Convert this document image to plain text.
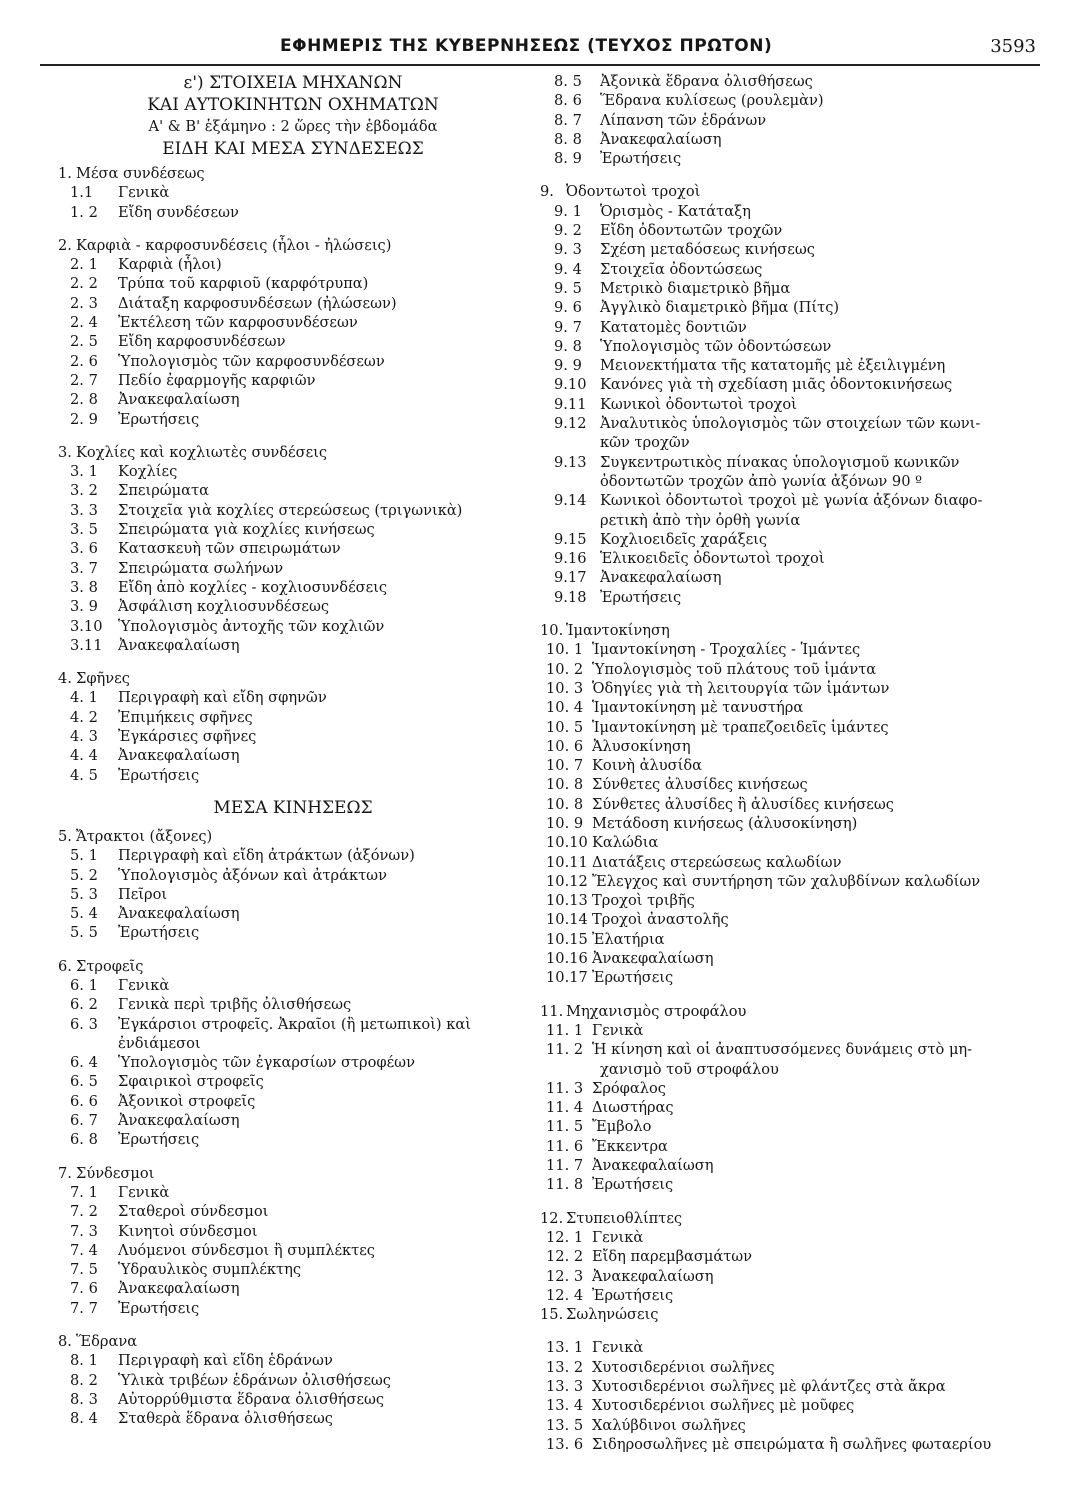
ΕΦΗΜΕΡΙΣ ΤΗΣ ΚΥΒΕΡΝΗΣΕΩΣ (ΤΕΥΧΟΣ ΠΡΩΤΟΝ)	3593
ε') ΣΤΟΙΧΕΙΑ ΜΗΧΑΝΩΝ
ΚΑΙ ΑΥΤΟΚΙΝΗΤΩΝ ΟΧΗΜΑΤΩΝ
Α' & Β' ἑξάμηνο : 2 ὥρες τὴν ἑβδομάδα
ΕΙΔΗ ΚΑΙ ΜΕΣΑ ΣΥΝΔΕΣΕΩΣ
1. Μέσα συνδέσεως
1.1 Γενικὰ
1. 2 Εἴδη συνδέσεων
2. Καρφιὰ - καρφοσυνδέσεις (ἧλοι - ἠλώσεις)
2. 1 Καρφιὰ (ἧλοι)
2. 2 Τρύπα τοῦ καρφιοῦ (καρφότρυπα)
2. 3 Διάταξη καρφοσυνδέσεων (ἠλώσεων)
2. 4 Ἐκτέλεση τῶν καρφοσυνδέσεων
2. 5 Εἴδη καρφοσυνδέσεων
2. 6 Ὑπολογισμὸς τῶν καρφοσυνδέσεων
2. 7 Πεδίο ἐφαρμογῆς καρφιῶν
2. 8 Ἀνακεφαλαίωση
2. 9 Ἐρωτήσεις
3. Κοχλίες καὶ κοχλιωτὲς συνδέσεις
3. 1 Κοχλίες
3. 2 Σπειρώματα
3. 3 Στοιχεῖα γιὰ κοχλίες στερεώσεως (τριγωνικὰ)
3. 5 Σπειρώματα γιὰ κοχλίες κινήσεως
3. 6 Κατασκευὴ τῶν σπειρωμάτων
3. 7 Σπειρώματα σωλήνων
3. 8 Εἴδη ἀπὸ κοχλίες - κοχλιοσυνδέσεις
3. 9 Ἀσφάλιση κοχλιοσυνδέσεως
3.10 Ὑπολογισμὸς ἀντοχῆς τῶν κοχλιῶν
3.11 Ἀνακεφαλαίωση
4. Σφῆνες
4. 1 Περιγραφὴ καὶ εἴδη σφηνῶν
4. 2 Ἐπιμήκεις σφῆνες
4. 3 Ἐγκάρσιες σφῆνες
4. 4 Ἀνακεφαλαίωση
4. 5 Ἐρωτήσεις
ΜΕΣΑ ΚΙΝΗΣΕΩΣ
5. Ἄτρακτοι (ἄξονες)
5. 1 Περιγραφὴ καὶ εἴδη ἀτράκτων (ἀξόνων)
5. 2 Ὑπολογισμὸς ἀξόνων καὶ ἀτράκτων
5. 3 Πεῖροι
5. 4 Ἀνακεφαλαίωση
5. 5 Ἐρωτήσεις
6. Στροφεῖς
6. 1 Γενικὰ
6. 2 Γενικὰ περὶ τριβῆς ὀλισθήσεως
6. 3 Ἐγκάρσιοι στροφεῖς. Ἀκραῖοι (ἢ μετωπικοὶ) καὶ
ἐνδιάμεσοι
6. 4 Ὑπολογισμὸς τῶν ἐγκαρσίων στροφέων
6. 5 Σφαιρικοὶ στροφεῖς
6. 6 Ἀξονικοὶ στροφεῖς
6. 7 Ἀνακεφαλαίωση
6. 8 Ἐρωτήσεις
7. Σύνδεσμοι
7. 1 Γενικὰ
7. 2 Σταθεροὶ σύνδεσμοι
7. 3 Κινητοὶ σύνδεσμοι
7. 4 Λυόμενοι σύνδεσμοι ἢ συμπλέκτες
7. 5 Ὑδραυλικὸς συμπλέκτης
7. 6 Ἀνακεφαλαίωση
7. 7 Ἐρωτήσεις
8. Ἕδρανα
8. 1 Περιγραφὴ καὶ εἴδη ἑδράνων
8. 2 Ὑλικὰ τριβέων ἑδράνων ὀλισθήσεως
8. 3 Αὐτορρύθμιστα ἕδρανα ὀλισθήσεως
8. 4 Σταθερὰ ἕδρανα ὀλισθήσεως
8. 5 Ἀξονικὰ ἕδρανα ὀλισθήσεως
8. 6 Ἕδρανα κυλίσεως (ρουλεμὰν)
8. 7 Λίπανση τῶν ἑδράνων
8. 8 Ἀνακεφαλαίωση
8. 9 Ἐρωτήσεις
9. Ὀδοντωτοὶ τροχοὶ
9. 1 Ὁρισμὸς - Κατάταξη
9. 2 Εἴδη ὀδοντωτῶν τροχῶν
9. 3 Σχέση μεταδόσεως κινήσεως
9. 4 Στοιχεῖα ὀδοντώσεως
9. 5 Μετρικὸ διαμετρικὸ βῆμα
9. 6 Ἀγγλικὸ διαμετρικὸ βῆμα (Πίτς)
9. 7 Κατατομὲς δοντιῶν
9. 8 Ὑπολογισμὸς τῶν ὀδοντώσεων
9. 9 Μειονεκτήματα τῆς κατατομῆς μὲ ἐξειλιγμένη
9.10 Κανόνες γιὰ τὴ σχεδίαση μιᾶς ὀδοντοκινήσεως
9.11 Κωνικοὶ ὀδοντωτοὶ τροχοὶ
9.12 Ἀναλυτικὸς ὑπολογισμὸς τῶν στοιχείων τῶν κωνι-
κῶν τροχῶν
9.13 Συγκεντρωτικὸς πίνακας ὑπολογισμοῦ κωνικῶν
ὀδοντωτῶν τροχῶν ἀπὸ γωνία ἀξόνων 90 º
9.14 Κωνικοὶ ὀδοντωτοὶ τροχοὶ μὲ γωνία ἀξόνων διαφο-
ρετικὴ ἀπὸ τὴν ὀρθὴ γωνία
9.15 Κοχλιοειδεῖς χαράξεις
9.16 Ἑλικοειδεῖς ὀδοντωτοὶ τροχοὶ
9.17 Ἀνακεφαλαίωση
9.18 Ἐρωτήσεις
10. Ἱμαντοκίνηση
10. 1 Ἱμαντοκίνηση - Τροχαλίες - Ἱμάντες
10. 2 Ὑπολογισμὸς τοῦ πλάτους τοῦ ἱμάντα
10. 3 Ὁδηγίες γιὰ τὴ λειτουργία τῶν ἱμάντων
10. 4 Ἱμαντοκίνηση μὲ τανυστήρα
10. 5 Ἱμαντοκίνηση μὲ τραπεζοειδεῖς ἱμάντες
10. 6 Ἀλυσοκίνηση
10. 7 Κοινὴ ἀλυσίδα
10. 8 Σύνθετες ἀλυσίδες κινήσεως
10. 8 Σύνθετες ἀλυσίδες ἢ ἀλυσίδες κινήσεως
10. 9 Μετάδοση κινήσεως (ἀλυσοκίνηση)
10.10 Καλώδια
10.11 Διατάξεις στερεώσεως καλωδίων
10.12 Ἔλεγχος καὶ συντήρηση τῶν χαλυβδίνων καλωδίων
10.13 Τροχοὶ τριβῆς
10.14 Τροχοὶ ἀναστολῆς
10.15 Ἐλατήρια
10.16 Ἀνακεφαλαίωση
10.17 Ἐρωτήσεις
11. Μηχανισμὸς στροφάλου
11. 1 Γενικὰ
11. 2 Ἡ κίνηση καὶ οἱ ἀναπτυσσόμενες δυνάμεις στὸ μη-
χανισμὸ τοῦ στροφάλου
11. 3 Σρόφαλος
11. 4 Διωστήρας
11. 5 Ἔμβολο
11. 6 Ἔκκεντρα
11. 7 Ἀνακεφαλαίωση
11. 8 Ἐρωτήσεις
12. Στυπειοθλίπτες
12. 1 Γενικὰ
12. 2 Εἴδη παρεμβασμάτων
12. 3 Ἀνακεφαλαίωση
12. 4 Ἐρωτήσεις
15. Σωληνώσεις
13. 1 Γενικὰ
13. 2 Χυτοσιδερένιοι σωλῆνες
13. 3 Χυτοσιδερένιοι σωλῆνες μὲ φλάντζες στὰ ἄκρα
13. 4 Χυτοσιδερένιοι σωλῆνες μὲ μοῦφες
13. 5 Χαλύβδινοι σωλῆνες
13. 6 Σιδηροσωλῆνες μὲ σπειρώματα ἢ σωλῆνες φωταερίου
